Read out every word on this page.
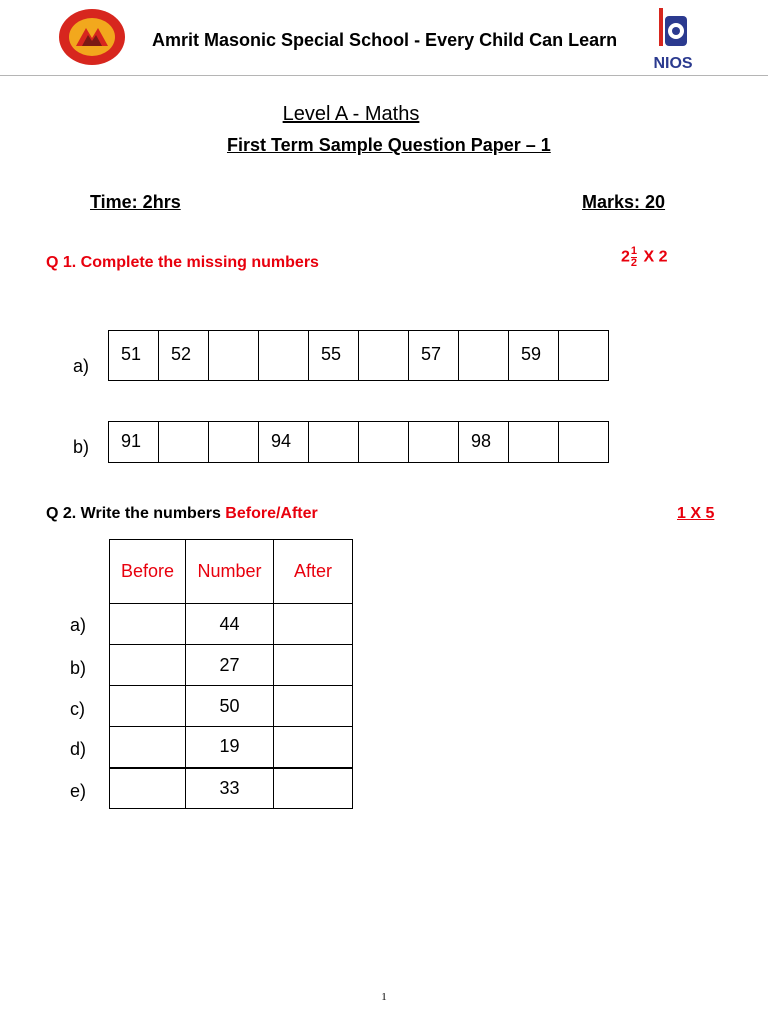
Amrit Masonic Special School - Every Child Can Learn
NIOS
Level A - Maths
First Term Sample Question Paper – 1
Time: 2hrs	Marks: 20
Q 1. Complete the missing numbers	$2 \frac{1}{2}$ X 2
a)
51	52			55		57		59	
b) 91			94				98		
Q 2. Write the numbers Before/After	1 X 5
Before	Number	After
	44	
	27	
	50	
	19	
	33	
a)
b)
c)
d)
e)
1
